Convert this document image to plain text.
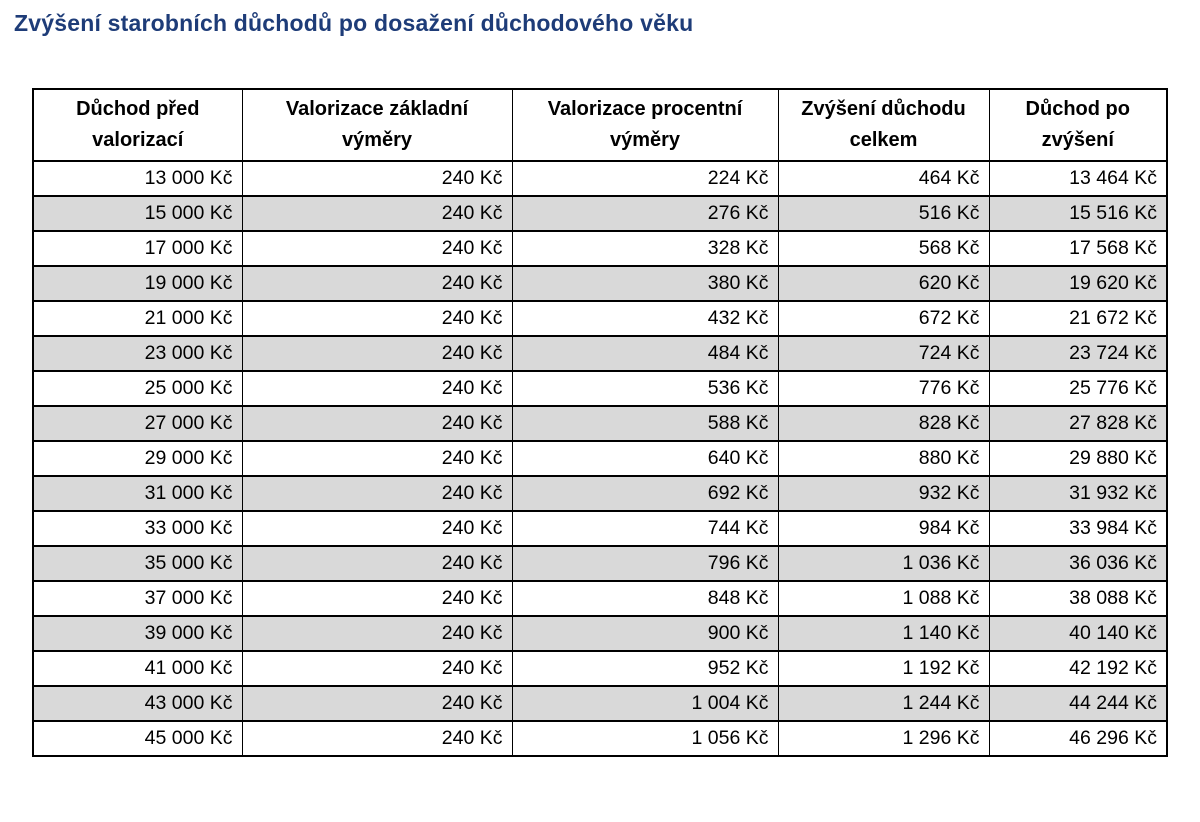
Zvýšení starobních důchodů po dosažení důchodového věku
Důchod před valorizací	Valorizace základní výměry	Valorizace procentní výměry	Zvýšení důchodu celkem	Důchod po zvýšení
13 000 Kč	240 Kč	224 Kč	464 Kč	13 464 Kč
15 000 Kč	240 Kč	276 Kč	516 Kč	15 516 Kč
17 000 Kč	240 Kč	328 Kč	568 Kč	17 568 Kč
19 000 Kč	240 Kč	380 Kč	620 Kč	19 620 Kč
21 000 Kč	240 Kč	432 Kč	672 Kč	21 672 Kč
23 000 Kč	240 Kč	484 Kč	724 Kč	23 724 Kč
25 000 Kč	240 Kč	536 Kč	776 Kč	25 776 Kč
27 000 Kč	240 Kč	588 Kč	828 Kč	27 828 Kč
29 000 Kč	240 Kč	640 Kč	880 Kč	29 880 Kč
31 000 Kč	240 Kč	692 Kč	932 Kč	31 932 Kč
33 000 Kč	240 Kč	744 Kč	984 Kč	33 984 Kč
35 000 Kč	240 Kč	796 Kč	1 036 Kč	36 036 Kč
37 000 Kč	240 Kč	848 Kč	1 088 Kč	38 088 Kč
39 000 Kč	240 Kč	900 Kč	1 140 Kč	40 140 Kč
41 000 Kč	240 Kč	952 Kč	1 192 Kč	42 192 Kč
43 000 Kč	240 Kč	1 004 Kč	1 244 Kč	44 244 Kč
45 000 Kč	240 Kč	1 056 Kč	1 296 Kč	46 296 Kč
